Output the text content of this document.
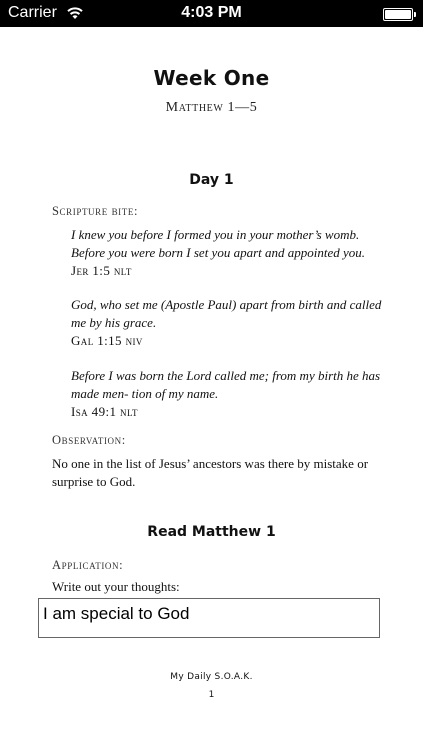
Carrier	4:03 PM
Week One
Matthew 1—5
Day 1
Scripture bite:
I knew you before I formed you in your mother’s womb. Before you were born I set you apart and appointed you.
Jer 1:5 nlt
God, who set me (Apostle Paul) apart from birth and called me by his grace.
Gal 1:15 niv
Before I was born the Lord called me; from my birth he has made men- tion of my name.
Isa 49:1 nlt
Observation:
No one in the list of Jesus’ ancestors was there by mistake or surprise to God.
Read Matthew 1
Application:
Write out your thoughts:
I am special to God
My Daily S.O.A.K.
1
